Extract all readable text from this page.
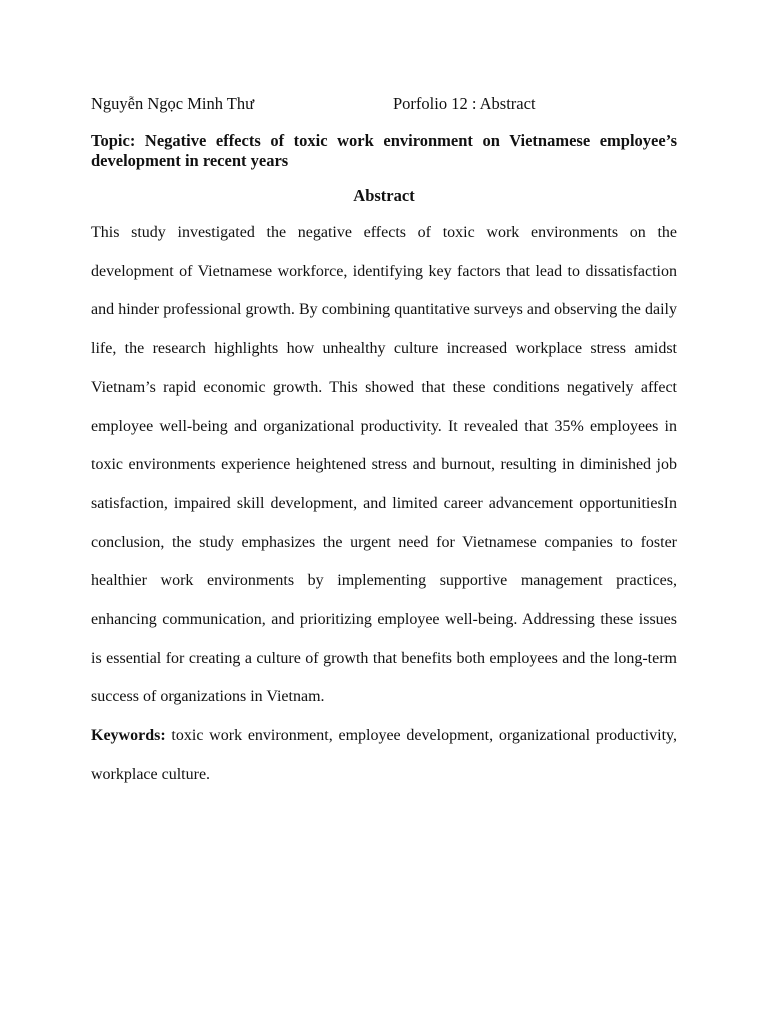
Nguyễn Ngọc Minh Thư	Porfolio 12 : Abstract
Topic: Negative effects of toxic work environment on Vietnamese employee’s development in recent years
Abstract
This study investigated the negative effects of toxic work environments on the development of Vietnamese workforce, identifying key factors that lead to dissatisfaction and hinder professional growth. By combining quantitative surveys and observing the daily life, the research highlights how unhealthy culture increased workplace stress amidst Vietnam’s rapid economic growth. This showed that these conditions negatively affect employee well-being and organizational productivity. It revealed that 35% employees in toxic environments experience heightened stress and burnout, resulting in diminished job satisfaction, impaired skill development, and limited career advancement opportunitiesIn conclusion, the study emphasizes the urgent need for Vietnamese companies to foster healthier work environments by implementing supportive management practices, enhancing communication, and prioritizing employee well-being. Addressing these issues is essential for creating a culture of growth that benefits both employees and the long-term success of organizations in Vietnam.
Keywords: toxic work environment, employee development, organizational productivity, workplace culture.
